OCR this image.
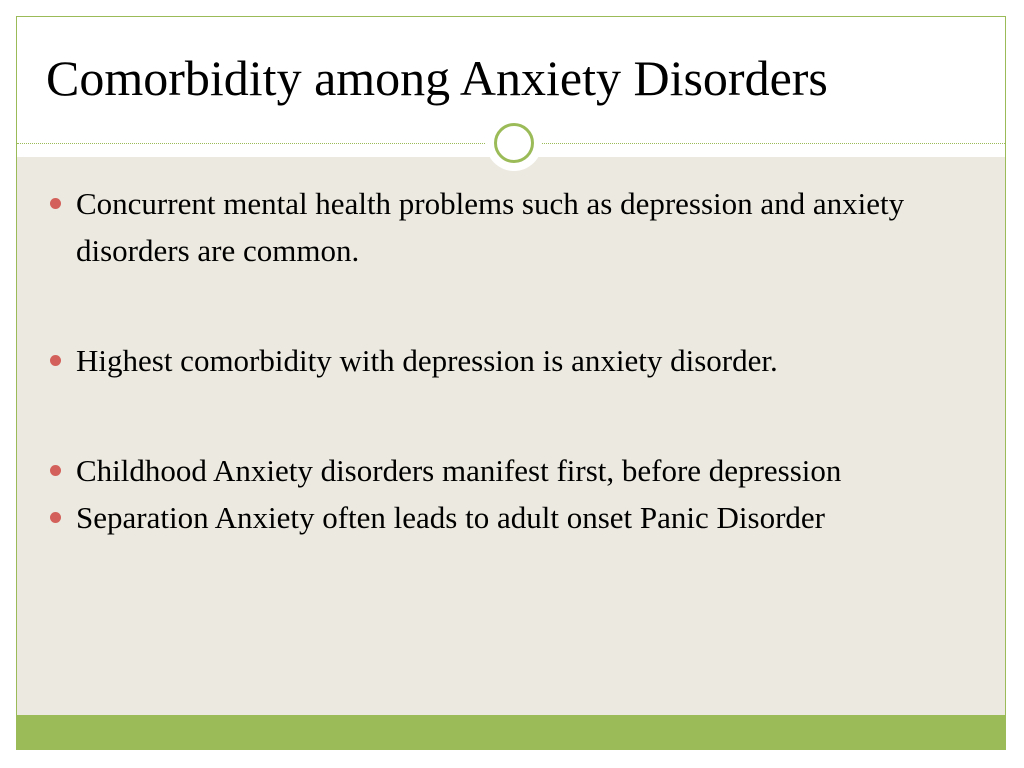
Comorbidity among Anxiety Disorders
Concurrent mental health problems such as depression and anxiety disorders are common.
Highest comorbidity with depression is anxiety disorder.
Childhood Anxiety disorders manifest first, before depression
Separation Anxiety often leads to adult onset Panic Disorder
